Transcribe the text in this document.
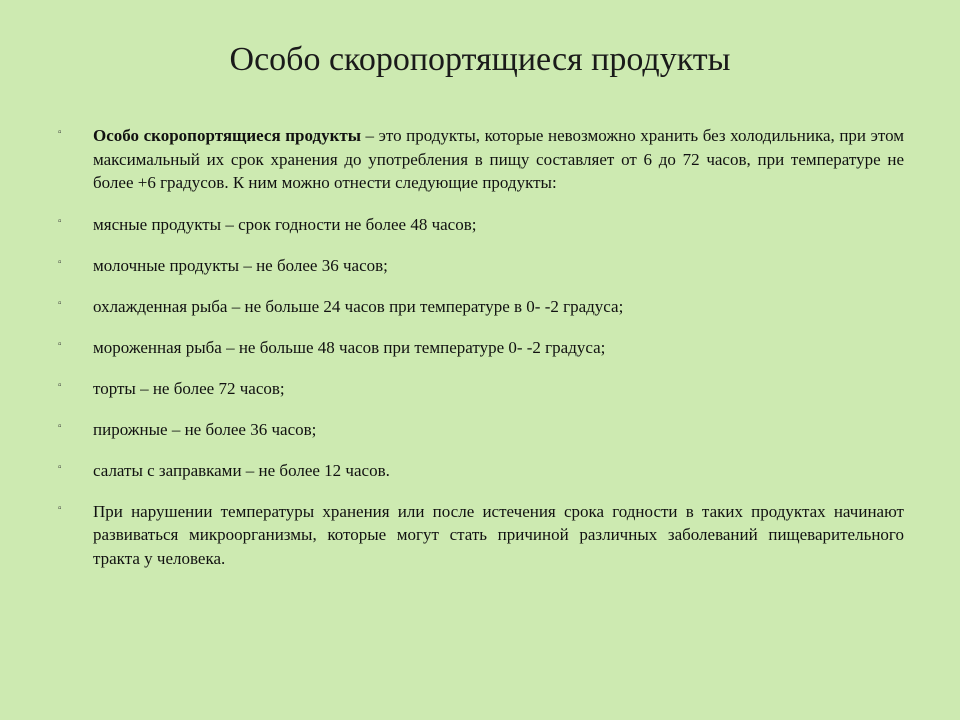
Особо скоропортящиеся продукты
▫ Особо скоропортящиеся продукты – это продукты, которые невозможно хранить без холодильника, при этом максимальный их срок хранения до употребления в пищу составляет от 6 до 72 часов, при температуре не более +6 градусов. К ним можно отнести следующие продукты:
▫ мясные продукты – срок годности не более 48 часов;
▫ молочные продукты – не более 36 часов;
▫ охлажденная рыба – не больше 24 часов при температуре в 0- -2 градуса;
▫ мороженная рыба – не больше 48 часов при температуре 0- -2 градуса;
▫ торты – не более 72 часов;
▫ пирожные – не более 36 часов;
▫ салаты с заправками – не более 12 часов.
▫ При нарушении температуры хранения или после истечения срока годности в таких продуктах начинают развиваться микроорганизмы, которые могут стать причиной различных заболеваний пищеварительного тракта у человека.
